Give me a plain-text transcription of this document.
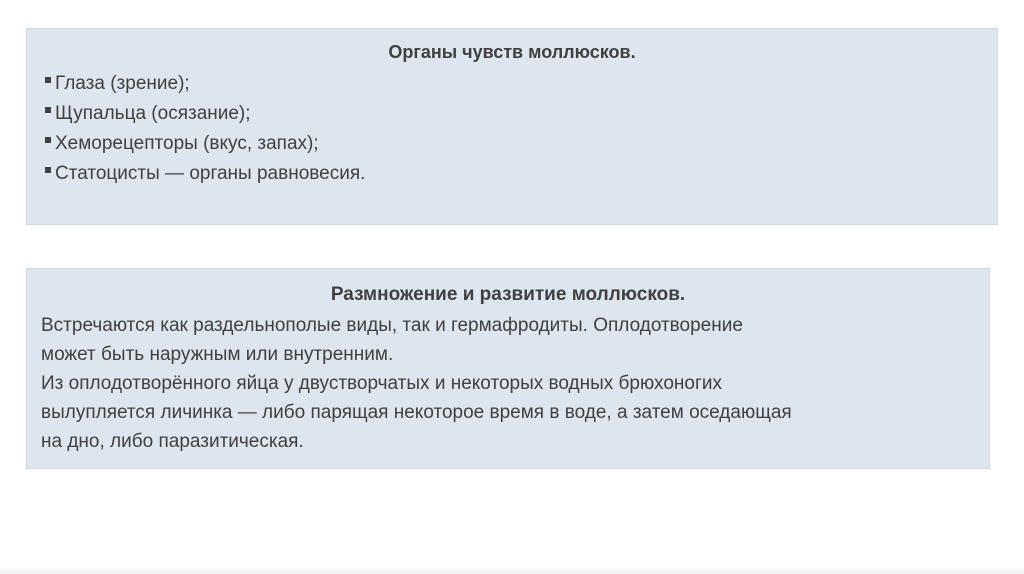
Органы чувств моллюсков.
Глаза (зрение);
Щупальца (осязание);
Хеморецепторы (вкус, запах);
Статоцисты — органы равновесия.
Размножение и развитие моллюсков.
Встречаются как раздельнополые виды, так и гермафродиты. Оплодотворение
может быть наружным или внутренним.
Из оплодотворённого яйца у двустворчатых и некоторых водных брюхоногих
вылупляется личинка — либо парящая некоторое время в воде, а затем оседающая
на дно, либо паразитическая.
